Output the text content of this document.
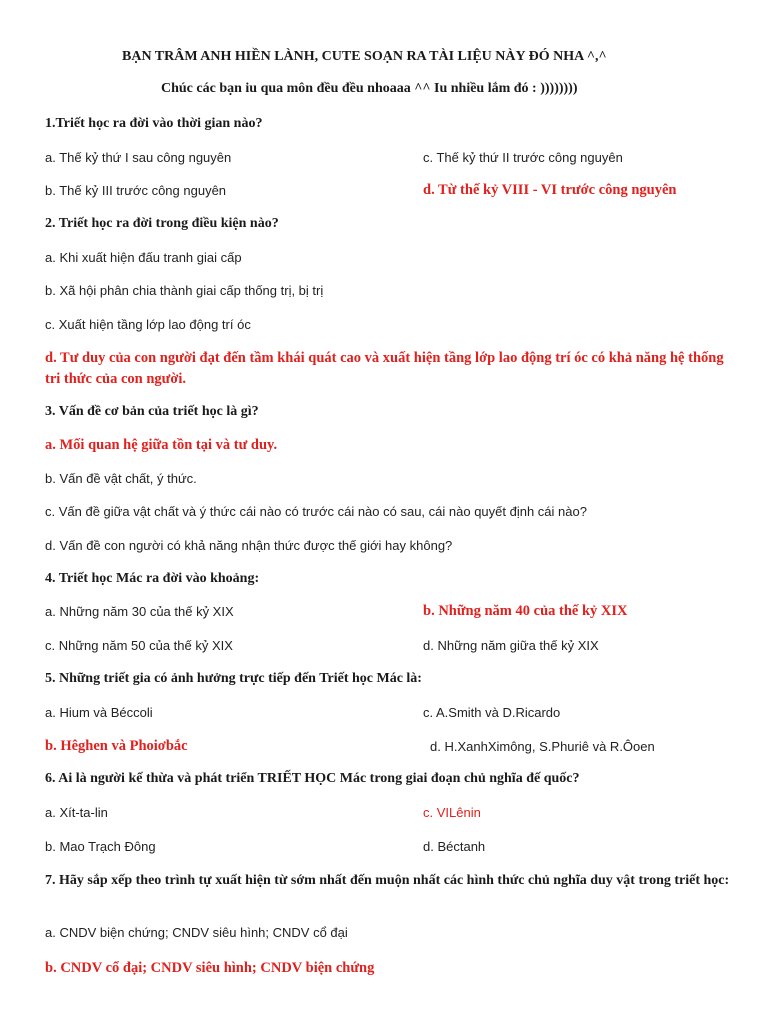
BẠN TRÂM ANH HIỀN LÀNH, CUTE SOẠN RA TÀI LIỆU NÀY ĐÓ NHA ^,^
Chúc các bạn iu qua môn đều đều nhoaaa ^^ Iu nhiều lắm đó : ))))))))
1.Triết học ra đời vào thời gian nào?
a. Thế kỷ thứ I sau công nguyên	c. Thế kỷ thứ II trước công nguyên
b. Thế kỷ III trước công nguyên	d. Từ thế kỷ VIII - VI trước công nguyên
2. Triết học ra đời trong điều kiện nào?
a. Khi xuất hiện đấu tranh giai cấp
b. Xã hội phân chia thành giai cấp thống trị, bị trị
c. Xuất hiện tầng lớp lao động trí óc
d. Tư duy của con người đạt đến tầm khái quát cao và xuất hiện tầng lớp lao động trí óc có khả năng hệ thống tri thức của con người.
3. Vấn đề cơ bản của triết học là gì?
a. Mối quan hệ giữa tồn tại và tư duy.
b. Vấn đề vật chất, ý thức.
c. Vấn đề giữa vật chất và ý thức cái nào có trước cái nào có sau, cái nào quyết định cái nào?
d. Vấn đề con người có khả năng nhận thức được thế giới hay không?
4. Triết học Mác ra đời vào khoảng:
a. Những năm 30 của thế kỷ XIX	b. Những năm 40 của thế kỷ XIX
c. Những năm 50 của thế kỷ XIX	d. Những năm giữa thế kỷ XIX
5. Những triết gia có ảnh hưởng trực tiếp đến Triết học Mác là:
a. Hium và Béccoli	c. A.Smith và D.Ricardo
b. Hêghen và Phoiơbắc	d. H.XanhXimông, S.Phuriê và R.Ôoen
6. Ai là người kế thừa và phát triển TRIẾT HỌC Mác trong giai đoạn chủ nghĩa đế quốc?
a. Xít-ta-lin	c. VILênin
b. Mao Trạch Đông	d. Béctanh
7. Hãy sắp xếp theo trình tự xuất hiện từ sớm nhất đến muộn nhất các hình thức chủ nghĩa duy vật trong triết học:
a. CNDV biện chứng; CNDV siêu hình; CNDV cổ đại
b. CNDV cổ đại; CNDV siêu hình; CNDV biện chứng
